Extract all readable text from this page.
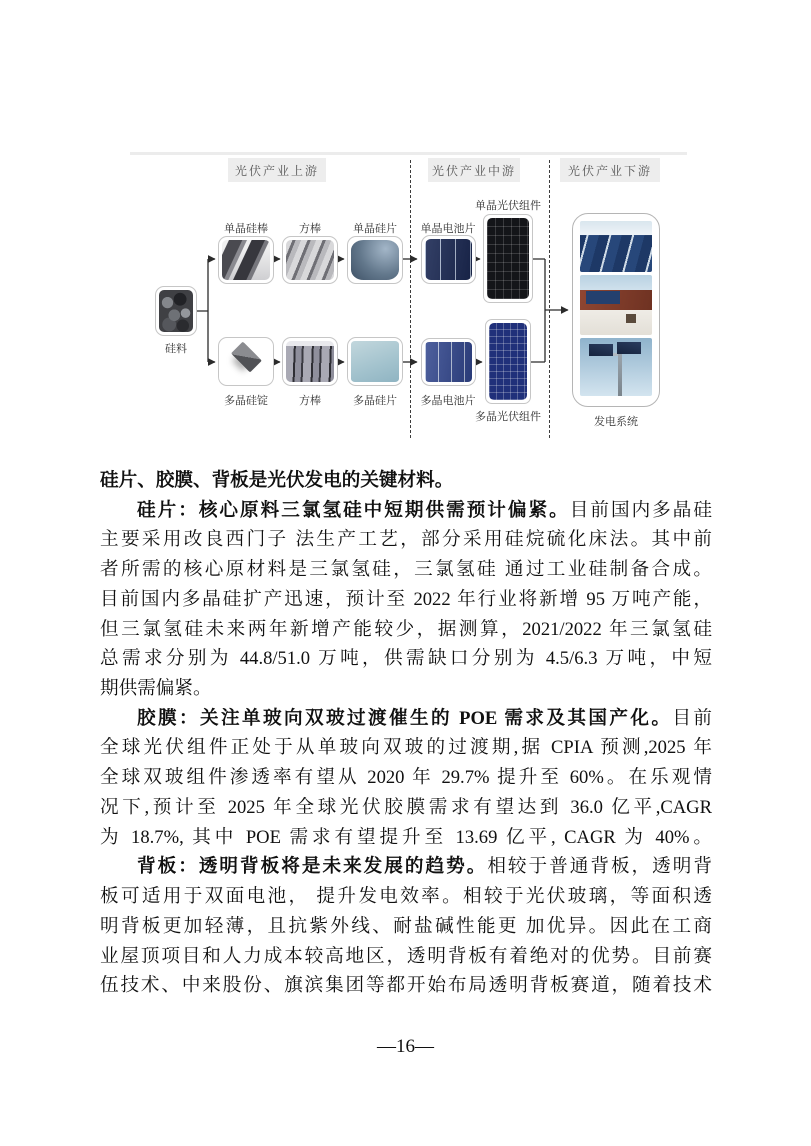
光伏产业上游	光伏产业中游	光伏产业下游
硅料
单晶硅棒	方棒	单晶硅片	单晶电池片
单晶光伏组件
多晶硅锭	方棒	多晶硅片	多晶电池片
多晶光伏组件	发电系统
硅片、胶膜、背板是光伏发电的关键材料。
硅片：核心原料三氯氢硅中短期供需预计偏紧。目前国内多晶硅
主要采用改良西门子 法生产工艺，部分采用硅烷硫化床法。其中前
者所需的核心原材料是三氯氢硅，三氯氢硅 通过工业硅制备合成。
目前国内多晶硅扩产迅速，预计至 2022 年行业将新增 95 万吨产能，
但三氯氢硅未来两年新增产能较少，据测算，2021/2022 年三氯氢硅
总需求分别为 44.8/51.0 万吨，供需缺口分别为 4.5/6.3 万吨，中短
期供需偏紧。
胶膜：关注单玻向双玻过渡催生的 POE 需求及其国产化。目前
全球光伏组件正处于从单玻向双玻的过渡期,据 CPIA 预测,2025 年
全球双玻组件渗透率有望从 2020 年 29.7% 提升至 60%。在乐观情
况下,预计至 2025 年全球光伏胶膜需求有望达到 36.0 亿平,CAGR
为 18.7%, 其中 POE 需求有望提升至 13.69 亿平, CAGR 为 40%。
背板：透明背板将是未来发展的趋势。相较于普通背板，透明背
板可适用于双面电池， 提升发电效率。相较于光伏玻璃，等面积透
明背板更加轻薄，且抗紫外线、耐盐碱性能更 加优异。因此在工商
业屋顶项目和人力成本较高地区，透明背板有着绝对的优势。目前赛
伍技术、中来股份、旗滨集团等都开始布局透明背板赛道，随着技术
—16—
